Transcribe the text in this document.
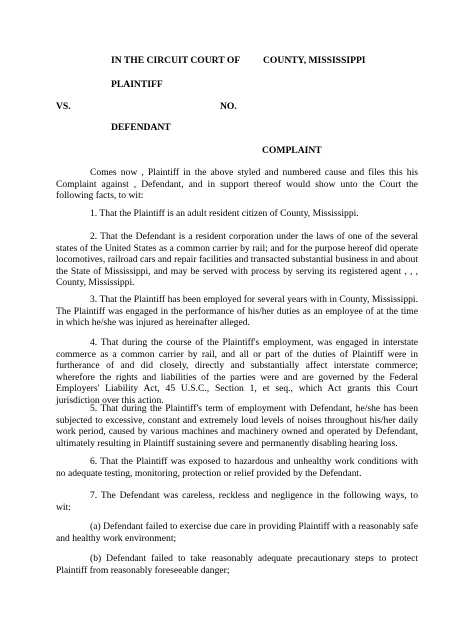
IN THE CIRCUIT COURT OF COUNTY, MISSISSIPPI
PLAINTIFF
VS.	NO.
DEFENDANT
COMPLAINT
Comes now , Plaintiff in the above styled and numbered cause and files this his Complaint against , Defendant, and in support thereof would show unto the Court the following facts, to wit:
1. That the Plaintiff is an adult resident citizen of County, Mississippi.
2. That the Defendant is a resident corporation under the laws of one of the several states of the United States as a common carrier by rail; and for the purpose hereof did operate locomotives, railroad cars and repair facilities and transacted substantial business in and about the State of Mississippi, and may be served with process by serving its registered agent , , , County, Mississippi.
3. That the Plaintiff has been employed for several years with in County, Mississippi. The Plaintiff was engaged in the performance of his/her duties as an employee of at the time in which he/she was injured as hereinafter alleged.
4. That during the course of the Plaintiff's employment, was engaged in interstate commerce as a common carrier by rail, and all or part of the duties of Plaintiff were in furtherance of and did closely, directly and substantially affect interstate commerce; wherefore the rights and liabilities of the parties were and are governed by the Federal Employers' Liability Act, 45 U.S.C., Section 1, et seq., which Act grants this Court jurisdiction over this action.
5. That during the Plaintiff's term of employment with Defendant, he/she has been subjected to excessive, constant and extremely loud levels of noises throughout his/her daily work period, caused by various machines and machinery owned and operated by Defendant, ultimately resulting in Plaintiff sustaining severe and permanently disabling hearing loss.
6. That the Plaintiff was exposed to hazardous and unhealthy work conditions with no adequate testing, monitoring, protection or relief provided by the Defendant.
7. The Defendant was careless, reckless and negligence in the following ways, to wit:
(a) Defendant failed to exercise due care in providing Plaintiff with a reasonably safe and healthy work environment;
(b) Defendant failed to take reasonably adequate precautionary steps to protect Plaintiff from reasonably foreseeable danger;
